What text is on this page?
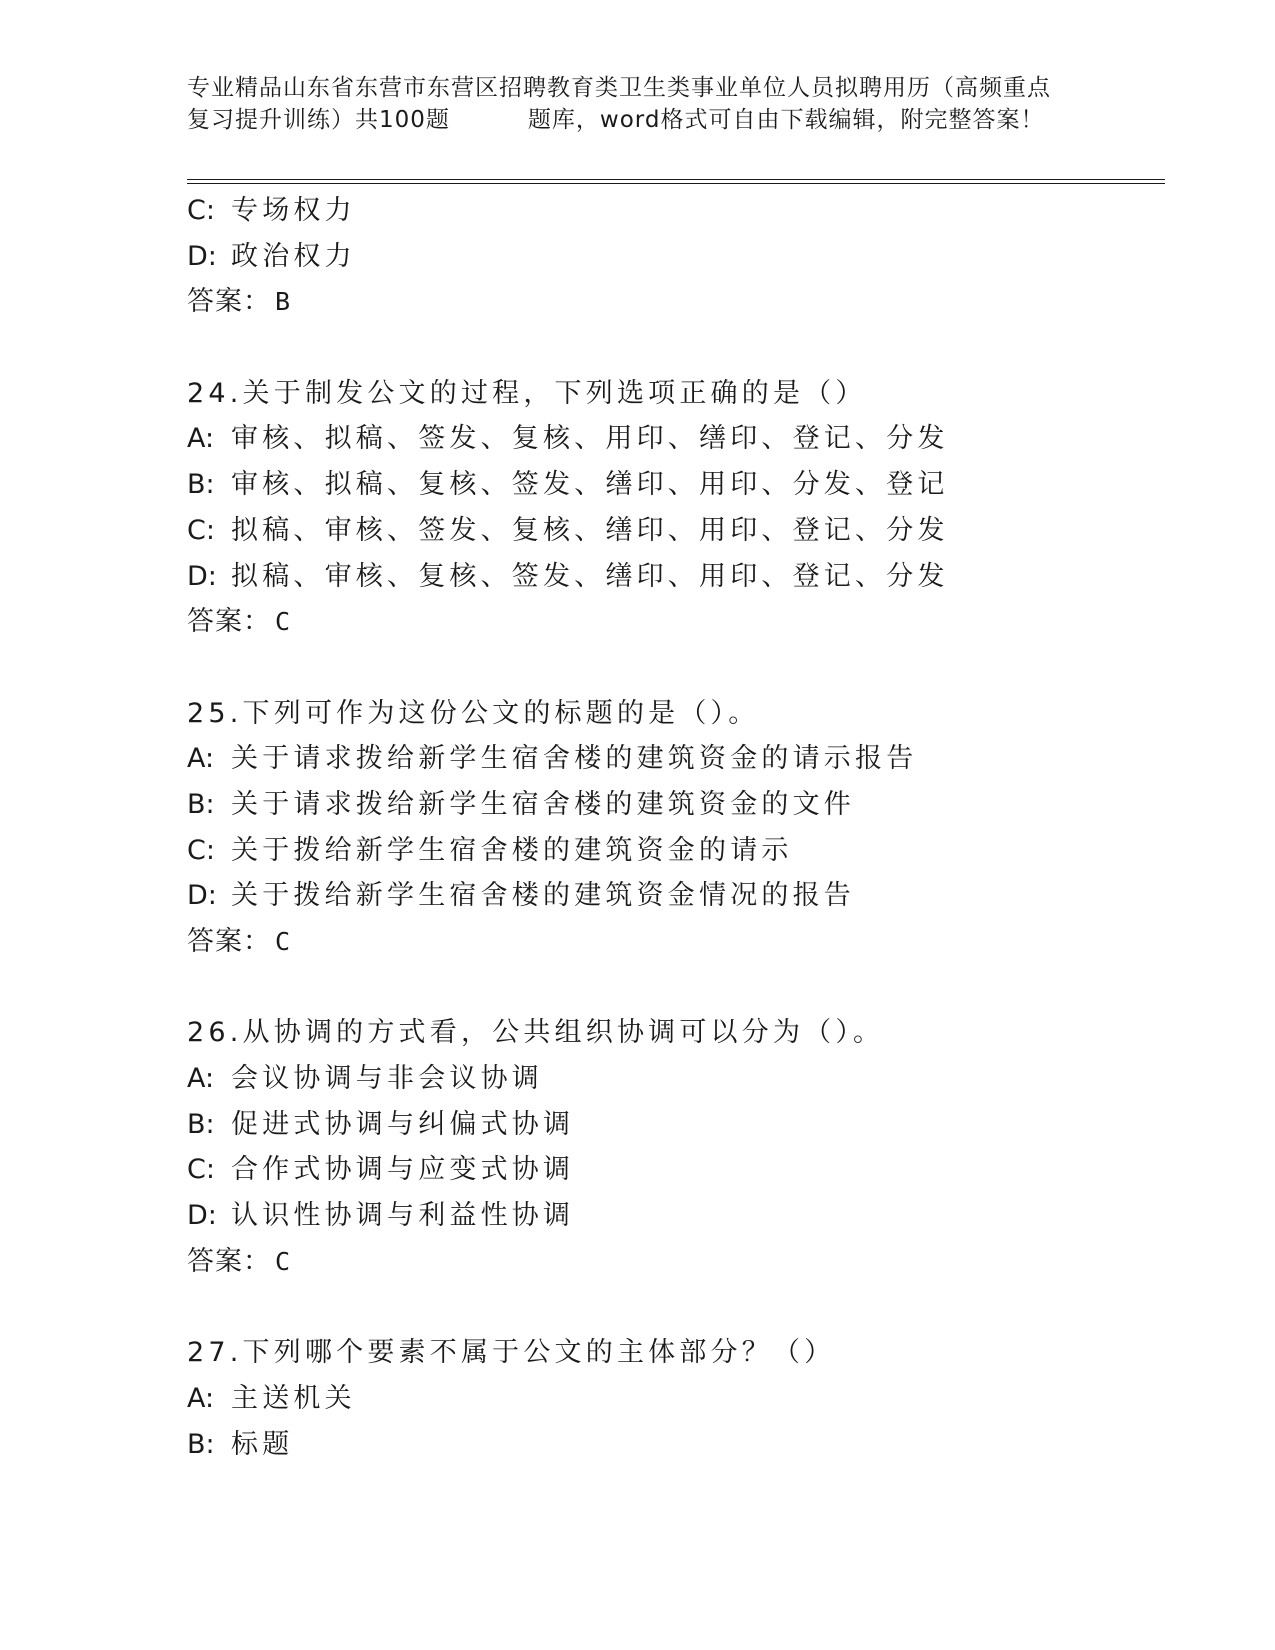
专业精品山东省东营市东营区招聘教育类卫生类事业单位人员拟聘用历（高频重点
复习提升训练）共100题	题库，word格式可自由下载编辑，附完整答案！
C: 专场权力
D: 政治权力
答案： B
24.关于制发公文的过程，下列选项正确的是（）
A: 审核、拟稿、签发、复核、用印、缮印、登记、分发
B: 审核、拟稿、复核、签发、缮印、用印、分发、登记
C: 拟稿、审核、签发、复核、缮印、用印、登记、分发
D: 拟稿、审核、复核、签发、缮印、用印、登记、分发
答案： C
25.下列可作为这份公文的标题的是（）。
A: 关于请求拨给新学生宿舍楼的建筑资金的请示报告
B: 关于请求拨给新学生宿舍楼的建筑资金的文件
C: 关于拨给新学生宿舍楼的建筑资金的请示
D: 关于拨给新学生宿舍楼的建筑资金情况的报告
答案： C
26.从协调的方式看，公共组织协调可以分为（）。
A: 会议协调与非会议协调
B: 促进式协调与纠偏式协调
C: 合作式协调与应变式协调
D: 认识性协调与利益性协调
答案： C
27.下列哪个要素不属于公文的主体部分？（）
A: 主送机关
B: 标题
